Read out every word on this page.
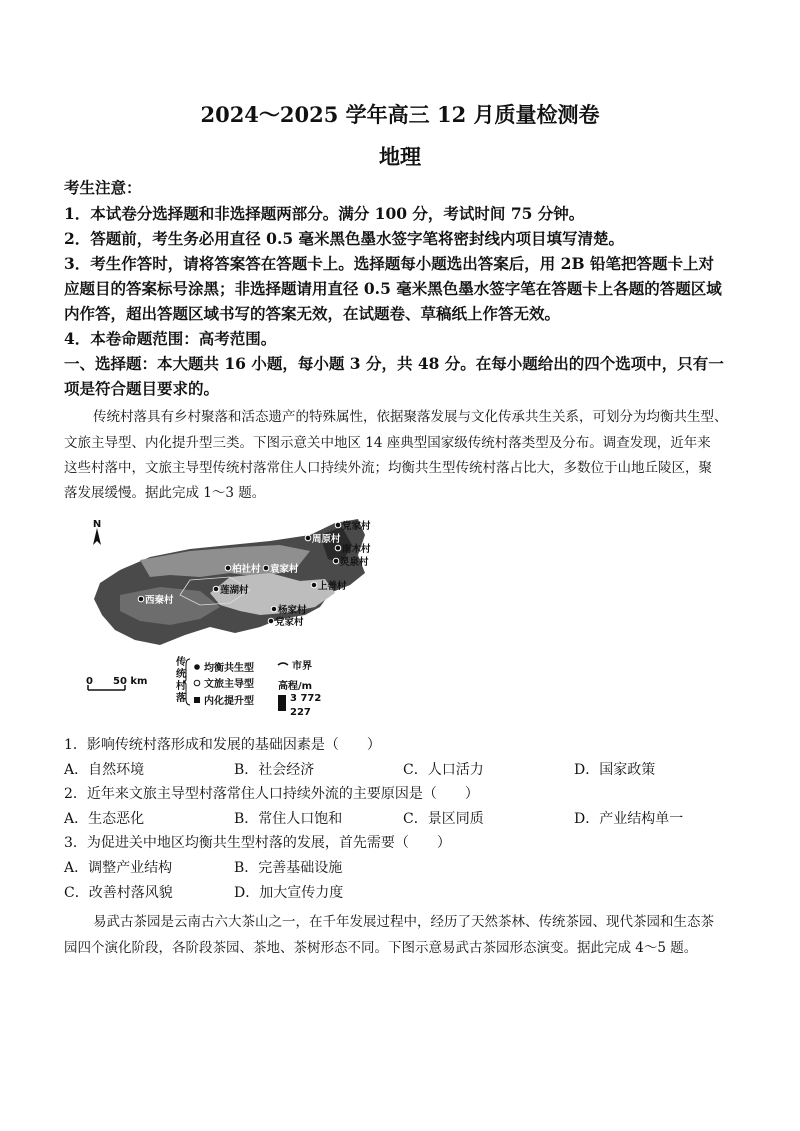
2024～2025 学年高三 12 月质量检测卷
地理
考生注意：
1．本试卷分选择题和非选择题两部分。满分 100 分，考试时间 75 分钟。
2．答题前，考生务必用直径 0.5 毫米黑色墨水签字笔将密封线内项目填写清楚。
3．考生作答时，请将答案答在答题卡上。选择题每小题选出答案后，用 2B 铅笔把答题卡上对
应题目的答案标号涂黑；非选择题请用直径 0.5 毫米黑色墨水签字笔在答题卡上各题的答题区域
内作答，超出答题区域书写的答案无效，在试题卷、草稿纸上作答无效。
4．本卷命题范围：高考范围。
一、选择题：本大题共 16 小题，每小题 3 分，共 48 分。在每小题给出的四个选项中，只有一
项是符合题目要求的。
传统村落具有乡村聚落和活态遗产的特殊属性，依据聚落发展与文化传承共生关系，可划分为均衡共生型、
文旅主导型、内化提升型三类。下图示意关中地区 14 座典型国家级传统村落类型及分布。调查发现，近年来
这些村落中，文旅主导型传统村落常住人口持续外流；均衡共生型传统村落占比大，多数位于山地丘陵区，聚
落发展缓慢。据此完成 1～3 题。
N	党家村
周原村
柏社村 袁家村
灵泉村
南木村
西秦村
莲湖村	上善村
杨家村
党家村
0 50 km
传
统
村
落
均衡共生型
文旅主导型
内化提升型
市界
高程/m
3 772
227
1．影响传统村落形成和发展的基础因素是（　　）
A．自然环境	B．社会经济	C．人口活力	D．国家政策
2．近年来文旅主导型村落常住人口持续外流的主要原因是（　　）
A．生态恶化	B．常住人口饱和	C．景区同质	D．产业结构单一
3．为促进关中地区均衡共生型村落的发展，首先需要（　　）
A．调整产业结构	B．完善基础设施
C．改善村落风貌	D．加大宣传力度
易武古茶园是云南古六大茶山之一，在千年发展过程中，经历了天然茶林、传统茶园、现代茶园和生态茶
园四个演化阶段，各阶段茶园、茶地、茶树形态不同。下图示意易武古茶园形态演变。据此完成 4～5 题。
